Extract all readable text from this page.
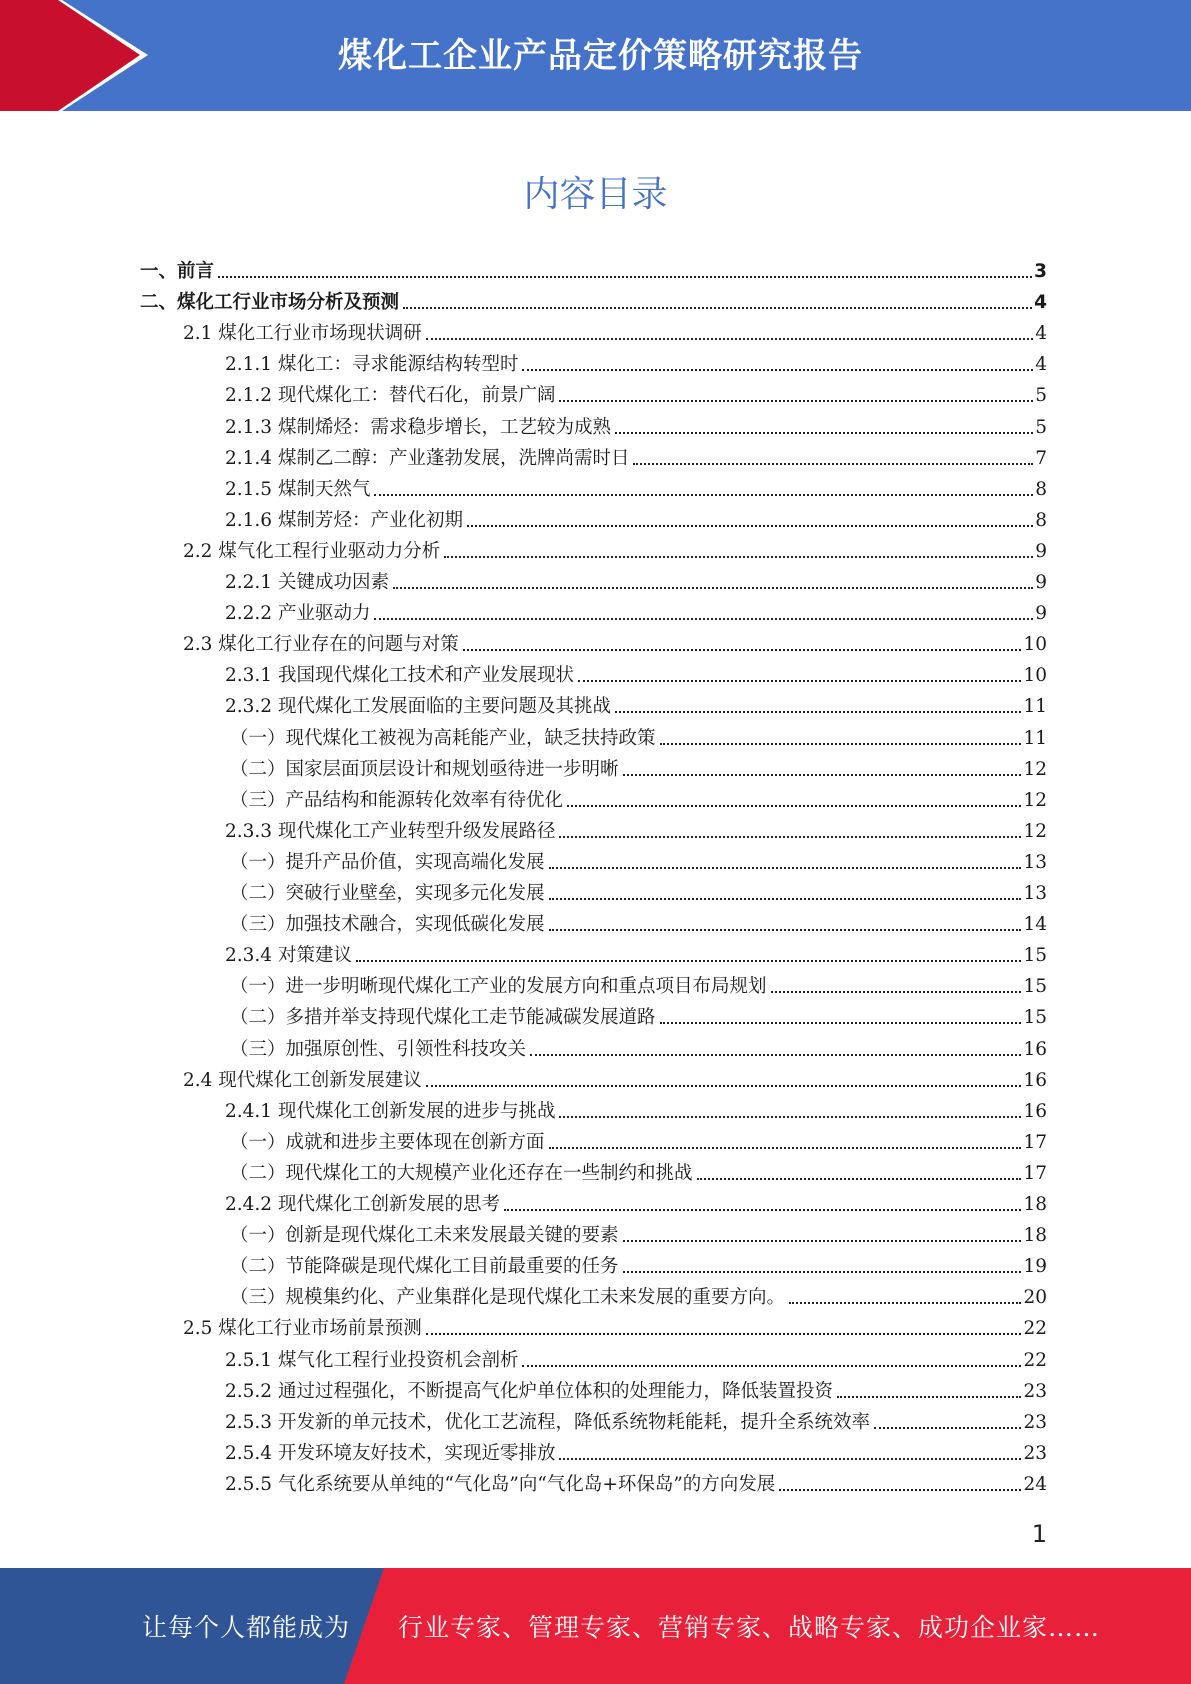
煤化工企业产品定价策略研究报告
内容目录
一、前言	3
二、煤化工行业市场分析及预测	4
2.1 煤化工行业市场现状调研	4
2.1.1 煤化工：寻求能源结构转型时	4
2.1.2 现代煤化工：替代石化，前景广阔	5
2.1.3 煤制烯烃：需求稳步增长，工艺较为成熟	5
2.1.4 煤制乙二醇：产业蓬勃发展，洗牌尚需时日	7
2.1.5 煤制天然气	8
2.1.6 煤制芳烃：产业化初期	8
2.2 煤气化工程行业驱动力分析	9
2.2.1 关键成功因素	9
2.2.2 产业驱动力	9
2.3 煤化工行业存在的问题与对策	10
2.3.1 我国现代煤化工技术和产业发展现状	10
2.3.2 现代煤化工发展面临的主要问题及其挑战	11
（一）现代煤化工被视为高耗能产业，缺乏扶持政策	11
（二）国家层面顶层设计和规划亟待进一步明晰	12
（三）产品结构和能源转化效率有待优化	12
2.3.3 现代煤化工产业转型升级发展路径	12
（一）提升产品价值，实现高端化发展	13
（二）突破行业壁垒，实现多元化发展	13
（三）加强技术融合，实现低碳化发展	14
2.3.4 对策建议	15
（一）进一步明晰现代煤化工产业的发展方向和重点项目布局规划	15
（二）多措并举支持现代煤化工走节能减碳发展道路	15
（三）加强原创性、引领性科技攻关	16
2.4 现代煤化工创新发展建议	16
2.4.1 现代煤化工创新发展的进步与挑战	16
（一）成就和进步主要体现在创新方面	17
（二）现代煤化工的大规模产业化还存在一些制约和挑战	17
2.4.2 现代煤化工创新发展的思考	18
（一）创新是现代煤化工未来发展最关键的要素	18
（二）节能降碳是现代煤化工目前最重要的任务	19
（三）规模集约化、产业集群化是现代煤化工未来发展的重要方向。	20
2.5 煤化工行业市场前景预测	22
2.5.1 煤气化工程行业投资机会剖析	22
2.5.2 通过过程强化，不断提高气化炉单位体积的处理能力，降低装置投资	23
2.5.3 开发新的单元技术，优化工艺流程，降低系统物耗能耗，提升全系统效率	23
2.5.4 开发环境友好技术，实现近零排放	23
2.5.5 气化系统要从单纯的“气化岛”向“气化岛+环保岛”的方向发展	24
1
让每个人都能成为 行业专家、管理专家、营销专家、战略专家、成功企业家……
